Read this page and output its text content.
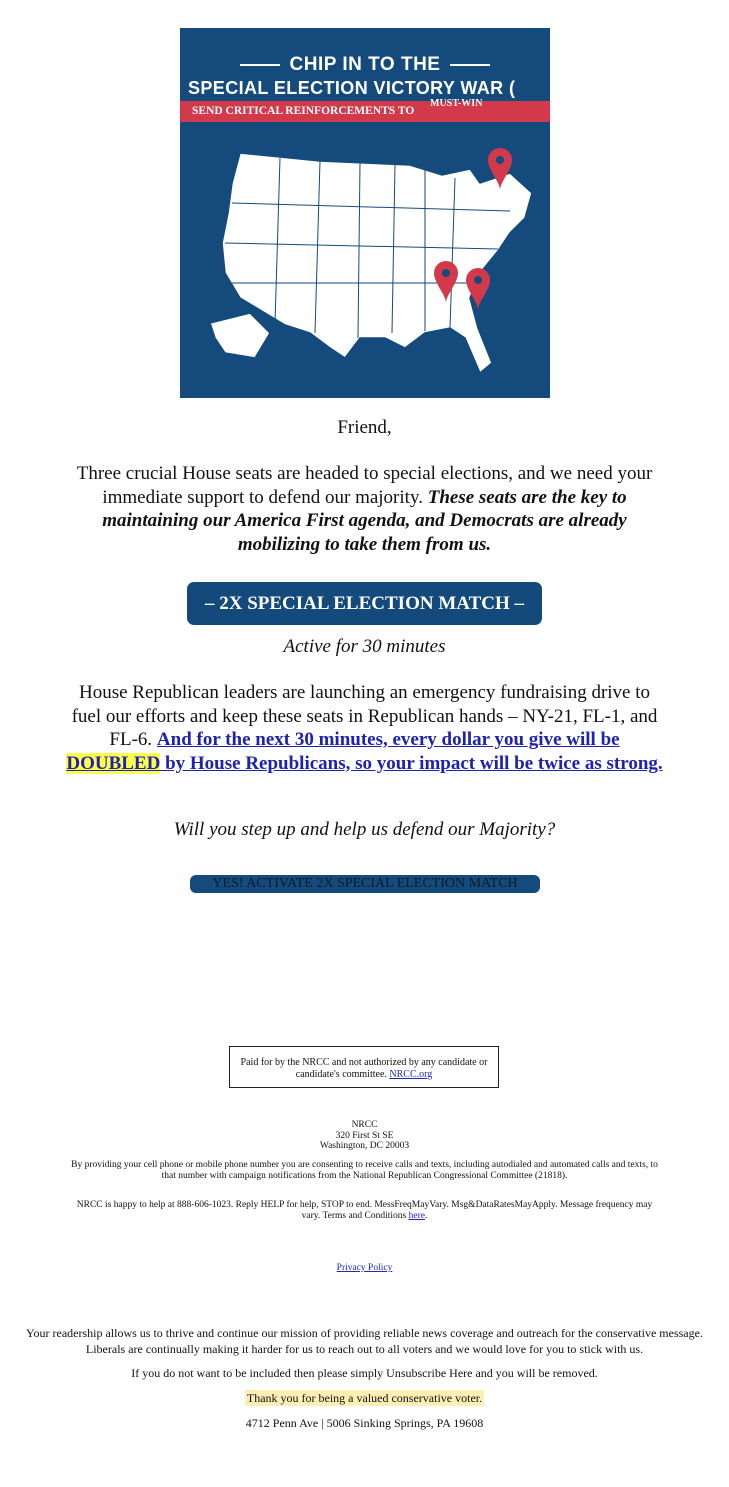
CHIP IN TO THE
SPECIAL ELECTION VICTORY WAR (
SEND CRITICAL REINFORCEMENTS TO
MUST-WIN
Friend,
Three crucial House seats are headed to special elections, and we need your immediate support to defend our majority. These seats are the key to maintaining our America First agenda, and Democrats are already mobilizing to take them from us.
– 2X SPECIAL ELECTION MATCH –
Active for 30 minutes
House Republican leaders are launching an emergency fundraising drive to fuel our efforts and keep these seats in Republican hands – NY-21, FL-1, and FL-6. And for the next 30 minutes, every dollar you give will be DOUBLED by House Republicans, so your impact will be twice as strong.
Will you step up and help us defend our Majority?
YES! ACTIVATE 2X SPECIAL ELECTION MATCH
Paid for by the NRCC and not authorized by any candidate or candidate's committee. NRCC.org
NRCC
320 First St SE
Washington, DC 20003
By providing your cell phone or mobile phone number you are consenting to receive calls and texts, including autodialed and automated calls and texts, to that number with campaign notifications from the National Republican Congressional Committee (21818).
NRCC is happy to help at 888-606-1023. Reply HELP for help, STOP to end. MessFreqMayVary. Msg&DataRatesMayApply. Message frequency may vary. Terms and Conditions here.
Privacy Policy
Your readership allows us to thrive and continue our mission of providing reliable news coverage and outreach for the conservative message. Liberals are continually making it harder for us to reach out to all voters and we would love for you to stick with us.
If you do not want to be included then please simply Unsubscribe Here and you will be removed.
Thank you for being a valued conservative voter.
4712 Penn Ave | 5006 Sinking Springs, PA 19608
